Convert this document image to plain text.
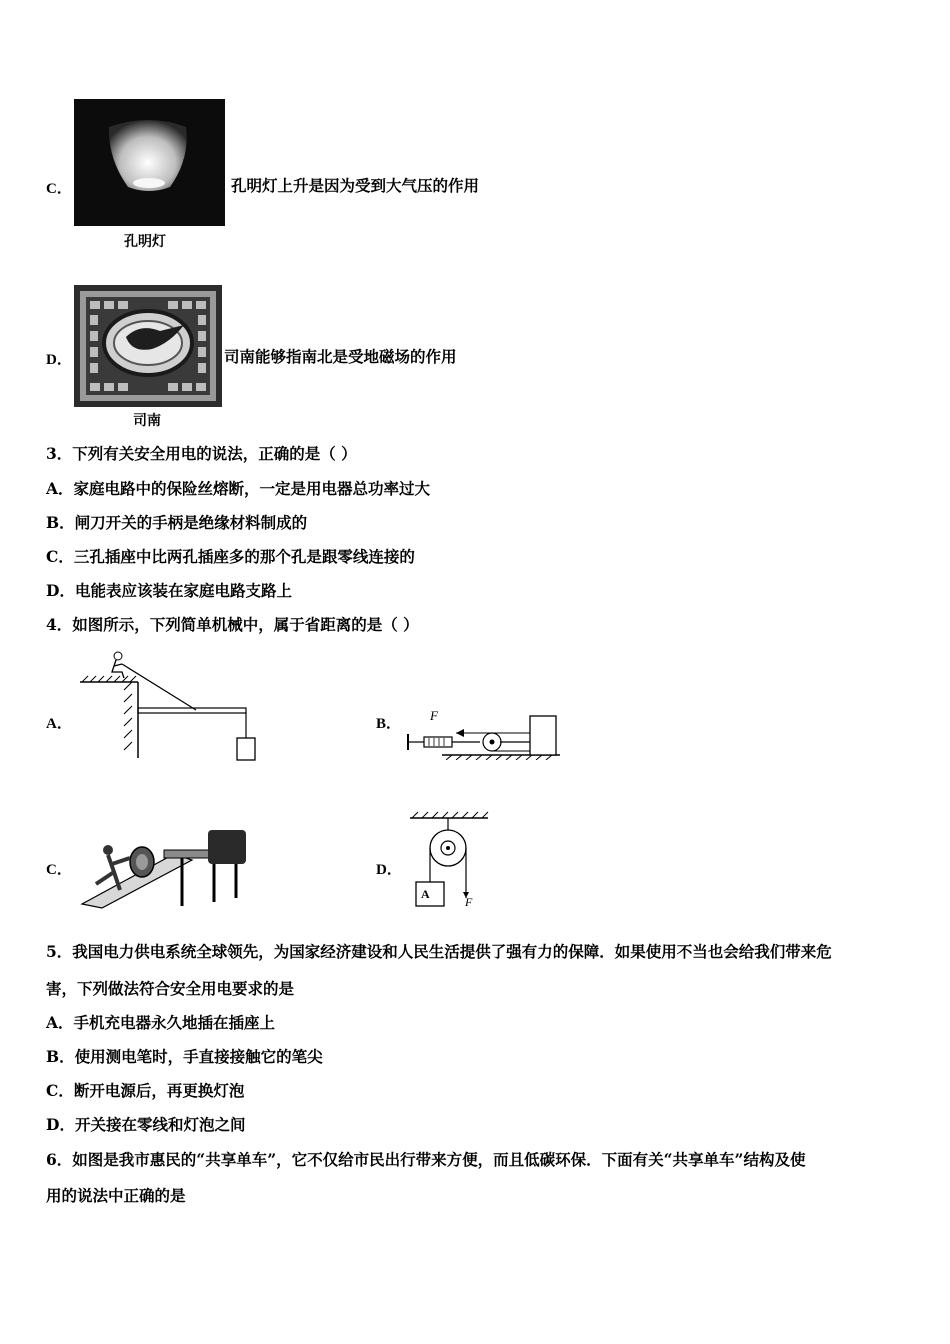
C．
孔明灯
孔明灯上升是因为受到大气压的作用
D．
司南
司南能够指南北是受地磁场的作用
3．下列有关安全用电的说法，正确的是（ ）
A．家庭电路中的保险丝熔断，一定是用电器总功率过大
B．闸刀开关的手柄是绝缘材料制成的
C．三孔插座中比两孔插座多的那个孔是跟零线连接的
D．电能表应该装在家庭电路支路上
4．如图所示，下列简单机械中，属于省距离的是（ ）
A．	B．
F
C．	D．
A
F
5．我国电力供电系统全球领先，为国家经济建设和人民生活提供了强有力的保障．如果使用不当也会给我们带来危
害，下列做法符合安全用电要求的是
A．手机充电器永久地插在插座上
B．使用测电笔时，手直接接触它的笔尖
C．断开电源后，再更换灯泡
D．开关接在零线和灯泡之间
6．如图是我市惠民的“共享单车”，它不仅给市民出行带来方便，而且低碳环保．下面有关“共享单车”结构及使
用的说法中正确的是
